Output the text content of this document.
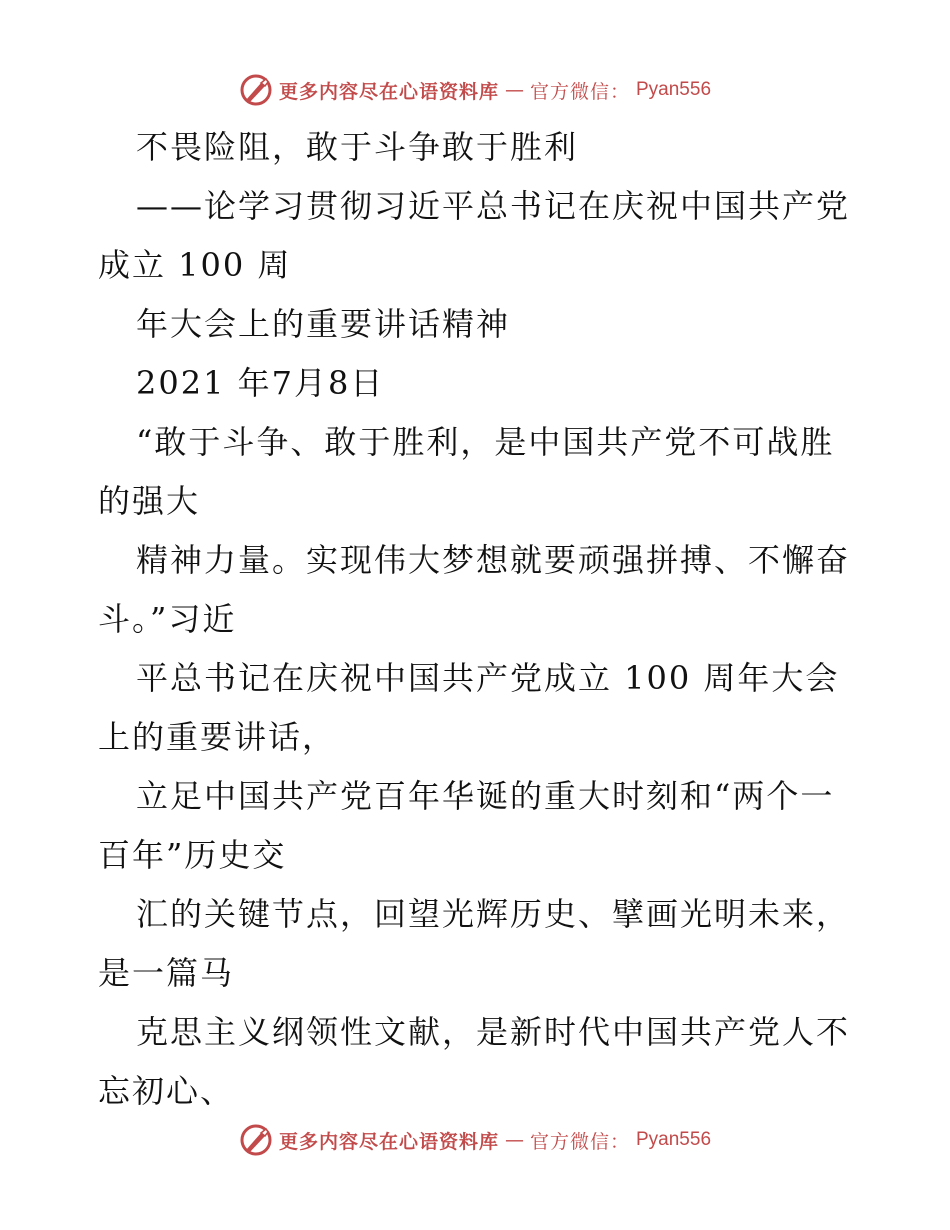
更多内容尽在心语资料库 — 官方微信： Pyan556
不畏险阻，敢于斗争敢于胜利
——论学习贯彻习近平总书记在庆祝中国共产党
成立 100 周
年大会上的重要讲话精神
2021 年7月8日
“敢于斗争、敢于胜利，是中国共产党不可战胜
的强大
精神力量。实现伟大梦想就要顽强拼搏、不懈奋
斗。”习近
平总书记在庆祝中国共产党成立 100 周年大会
上的重要讲话，
立足中国共产党百年华诞的重大时刻和“两个一
百年”历史交
汇的关键节点，回望光辉历史、擘画光明未来，
是一篇马
克思主义纲领性文献，是新时代中国共产党人不
忘初心、
更多内容尽在心语资料库 — 官方微信： Pyan556
